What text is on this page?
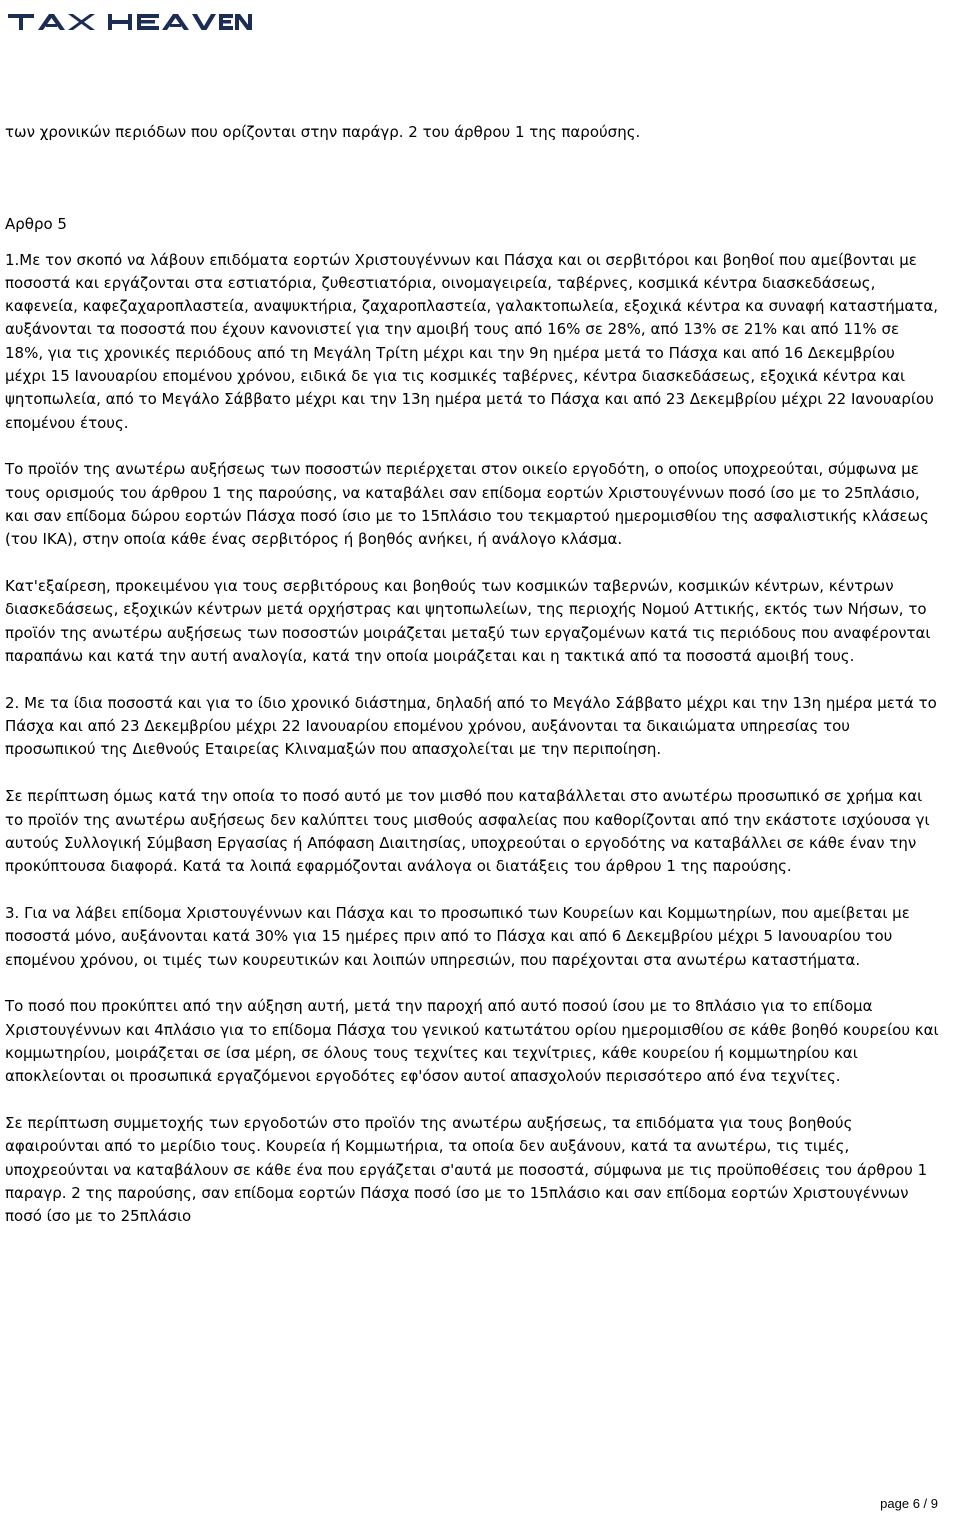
των χρονικών περιόδων που ορίζονται στην παράγρ. 2 του άρθρου 1 της παρούσης.

Αρθρο 5

1.Με τον σκοπό να λάβουν επιδόματα εορτών Χριστουγέννων και Πάσχα και οι σερβιτόροι και βοηθοί που αμείβονται με ποσοστά και εργάζονται στα εστιατόρια, ζυθεστιατόρια, οινομαγειρεία, ταβέρνες, κοσμικά κέντρα διασκεδάσεως, καφενεία, καφεζαχαροπλαστεία, αναψυκτήρια, ζαχαροπλαστεία, γαλακτοπωλεία, εξοχικά κέντρα κα συναφή καταστήματα, αυξάνονται τα ποσοστά που έχουν κανονιστεί για την αμοιβή τους από 16% σε 28%, από 13% σε 21% και από 11% σε 18%, για τις χρονικές περιόδους από τη Μεγάλη Τρίτη μέχρι και την 9η ημέρα μετά το Πάσχα και από 16 Δεκεμβρίου μέχρι 15 Ιανουαρίου επομένου χρόνου, ειδικά δε για τις κοσμικές ταβέρνες, κέντρα διασκεδάσεως, εξοχικά κέντρα και ψητοπωλεία, από το Μεγάλο Σάββατο μέχρι και την 13η ημέρα μετά το Πάσχα και από 23 Δεκεμβρίου μέχρι 22 Ιανουαρίου επομένου έτους.

Το προϊόν της ανωτέρω αυξήσεως των ποσοστών περιέρχεται στον οικείο εργοδότη, ο οποίος υποχρεούται, σύμφωνα με τους ορισμούς του άρθρου 1 της παρούσης, να καταβάλει σαν επίδομα εορτών Χριστουγέννων ποσό ίσο με το 25πλάσιο, και σαν επίδομα δώρου εορτών Πάσχα ποσό ίσιο με το 15πλάσιο του τεκμαρτού ημερομισθίου της ασφαλιστικής κλάσεως (του ΙΚΑ), στην οποία κάθε ένας σερβιτόρος ή βοηθός ανήκει, ή ανάλογο κλάσμα.

Κατ'εξαίρεση, προκειμένου για τους σερβιτόρους και βοηθούς των κοσμικών ταβερνών, κοσμικών κέντρων, κέντρων διασκεδάσεως, εξοχικών κέντρων μετά ορχήστρας και ψητοπωλείων, της περιοχής Νομού Αττικής, εκτός των Νήσων, το προϊόν της ανωτέρω αυξήσεως των ποσοστών μοιράζεται μεταξύ των εργαζομένων κατά τις περιόδους που αναφέρονται παραπάνω και κατά την αυτή αναλογία, κατά την οποία μοιράζεται και η τακτικά από τα ποσοστά αμοιβή τους.

2. Με τα ίδια ποσοστά και για το ίδιο χρονικό διάστημα, δηλαδή από το Μεγάλο Σάββατο μέχρι και την 13η ημέρα μετά το Πάσχα και από 23 Δεκεμβρίου μέχρι 22 Ιανουαρίου επομένου χρόνου, αυξάνονται τα δικαιώματα υπηρεσίας του προσωπικού της Διεθνούς Εταιρείας Κλιναμαξών που απασχολείται με την περιποίηση.

Σε περίπτωση όμως κατά την οποία το ποσό αυτό με τον μισθό που καταβάλλεται στο ανωτέρω προσωπικό σε χρήμα και το προϊόν της ανωτέρω αυξήσεως δεν καλύπτει τους μισθούς ασφαλείας που καθορίζονται από την εκάστοτε ισχύουσα γι αυτούς Συλλογική Σύμβαση Εργασίας ή Απόφαση Διαιτησίας, υποχρεούται ο εργοδότης να καταβάλλει σε κάθε έναν την προκύπτουσα διαφορά. Κατά τα λοιπά εφαρμόζονται ανάλογα οι διατάξεις του άρθρου 1 της παρούσης.

3. Για να λάβει επίδομα Χριστουγέννων και Πάσχα και το προσωπικό των Κουρείων και Κομμωτηρίων, που αμείβεται με ποσοστά μόνο, αυξάνονται κατά 30% για 15 ημέρες πριν από το Πάσχα και από 6 Δεκεμβρίου μέχρι 5 Ιανουαρίου του επομένου χρόνου, οι τιμές των κουρευτικών και λοιπών υπηρεσιών, που παρέχονται στα ανωτέρω καταστήματα.

Το ποσό που προκύπτει από την αύξηση αυτή, μετά την παροχή από αυτό ποσού ίσου με το 8πλάσιο για το επίδομα Χριστουγέννων και 4πλάσιο για το επίδομα Πάσχα του γενικού κατωτάτου ορίου ημερομισθίου σε κάθε βοηθό κουρείου και κομμωτηρίου, μοιράζεται σε ίσα μέρη, σε όλους τους τεχνίτες και τεχνίτριες, κάθε κουρείου ή κομμωτηρίου και αποκλείονται οι προσωπικά εργαζόμενοι εργοδότες εφ'όσον αυτοί απασχολούν περισσότερο από ένα τεχνίτες.

Σε περίπτωση συμμετοχής των εργοδοτών στο προϊόν της ανωτέρω αυξήσεως, τα επιδόματα για τους βοηθούς αφαιρούνται από το μερίδιο τους. Κουρεία ή Κομμωτήρια, τα οποία δεν αυξάνουν, κατά τα ανωτέρω, τις τιμές, υποχρεούνται να καταβάλουν σε κάθε ένα που εργάζεται σ'αυτά με ποσοστά, σύμφωνα με τις προϋποθέσεις του άρθρου 1 παραγρ. 2 της παρούσης, σαν επίδομα εορτών Πάσχα ποσό ίσο με το 15πλάσιο και σαν επίδομα εορτών Χριστουγέννων ποσό ίσο με το 25πλάσιο

page 6 / 9
